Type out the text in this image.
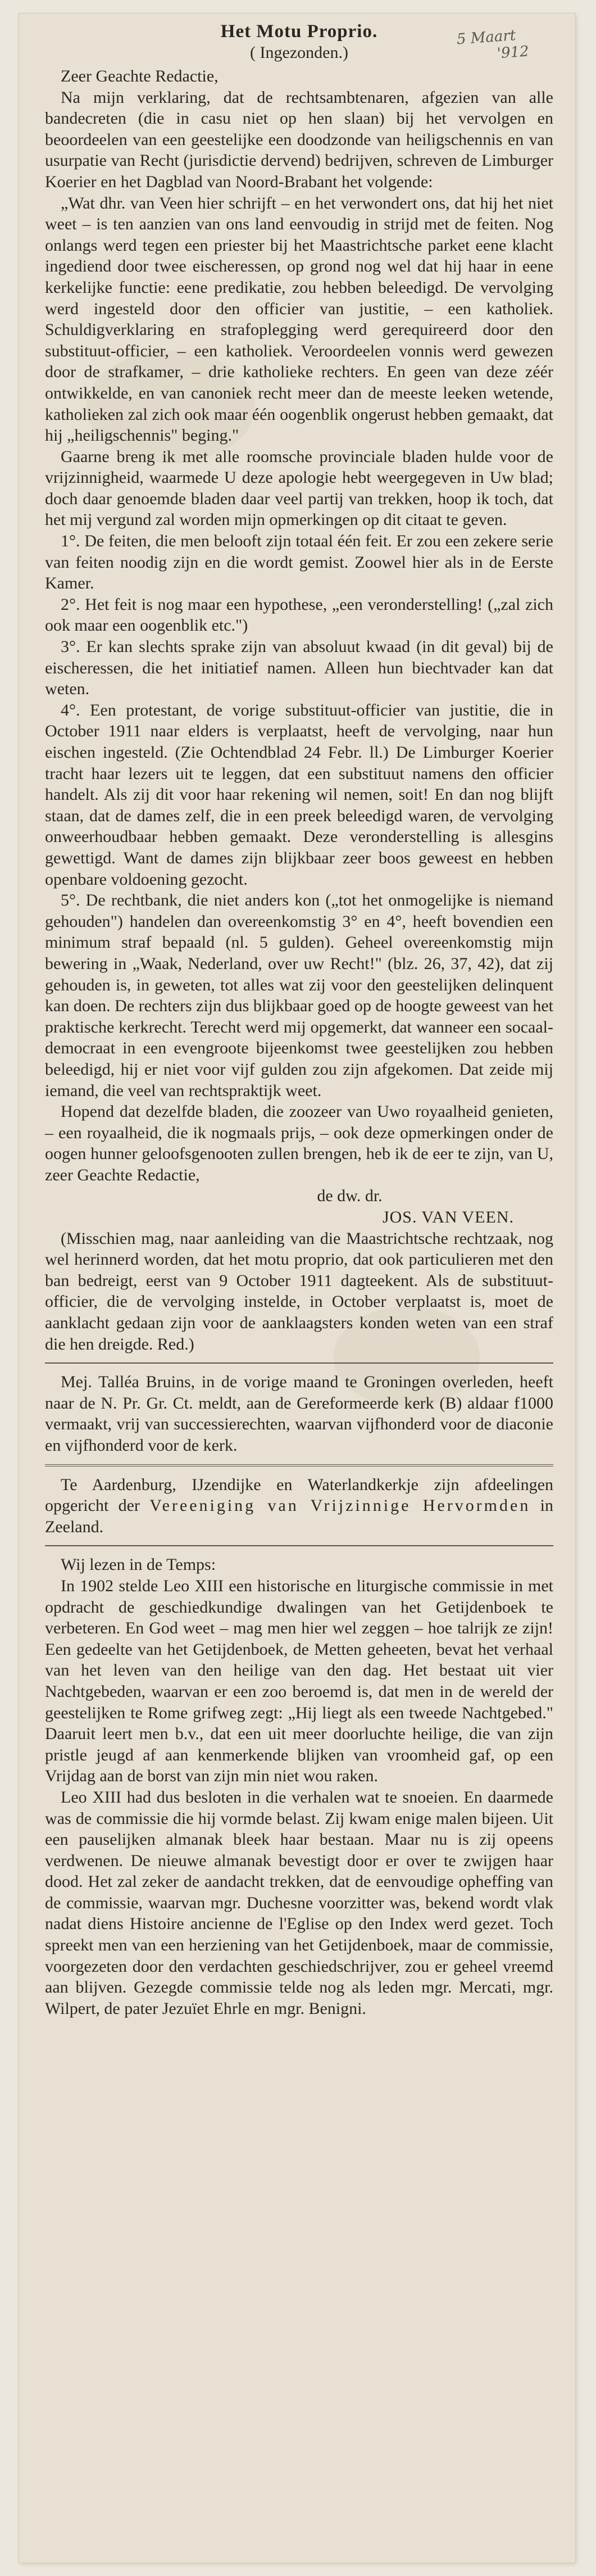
5 Maart
'912
Het Motu Proprio.
( Ingezonden.)
Zeer Geachte Redactie,
Na mijn verklaring, dat de rechtsambtenaren, afgezien van alle bandecreten (die in casu niet op hen slaan) bij het vervolgen en beoordeelen van een geestelijke een doodzonde van heiligschennis en van usurpatie van Recht (jurisdictie dervend) bedrijven, schreven de Limburger Koerier en het Dagblad van Noord-Brabant het volgende:
„Wat dhr. van Veen hier schrijft – en het verwondert ons, dat hij het niet weet – is ten aanzien van ons land eenvoudig in strijd met de feiten. Nog onlangs werd tegen een priester bij het Maastrichtsche parket eene klacht ingediend door twee eischeressen, op grond nog wel dat hij haar in eene kerkelijke functie: eene predikatie, zou hebben beleedigd. De vervolging werd ingesteld door den officier van justitie, – een katholiek. Schuldigverklaring en strafoplegging werd gerequireerd door den substituut-officier, – een katholiek. Veroordeelen vonnis werd gewezen door de strafkamer, – drie katholieke rechters. En geen van deze zéér ontwikkelde, en van canoniek recht meer dan de meeste leeken wetende, katholieken zal zich ook maar één oogenblik ongerust hebben gemaakt, dat hij „heiligschennis" beging."
Gaarne breng ik met alle roomsche provinciale bladen hulde voor de vrijzinnigheid, waarmede U deze apologie hebt weergegeven in Uw blad; doch daar genoemde bladen daar veel partij van trekken, hoop ik toch, dat het mij vergund zal worden mijn opmerkingen op dit citaat te geven.
1°. De feiten, die men belooft zijn totaal één feit. Er zou een zekere serie van feiten noodig zijn en die wordt gemist. Zoowel hier als in de Eerste Kamer.
2°. Het feit is nog maar een hypothese, „een veronderstelling! („zal zich ook maar een oogenblik etc.")
3°. Er kan slechts sprake zijn van absoluut kwaad (in dit geval) bij de eischeressen, die het initiatief namen. Alleen hun biechtvader kan dat weten.
4°. Een protestant, de vorige substituut-officier van justitie, die in October 1911 naar elders is verplaatst, heeft de vervolging, naar hun eischen ingesteld. (Zie Ochtendblad 24 Febr. ll.) De Limburger Koerier tracht haar lezers uit te leggen, dat een substituut namens den officier handelt. Als zij dit voor haar rekening wil nemen, soit! En dan nog blijft staan, dat de dames zelf, die in een preek beleedigd waren, de vervolging onweerhoudbaar hebben gemaakt. Deze veronderstelling is allesgins gewettigd. Want de dames zijn blijkbaar zeer boos geweest en hebben openbare voldoening gezocht.
5°. De rechtbank, die niet anders kon („tot het onmogelijke is niemand gehouden") handelen dan overeenkomstig 3° en 4°, heeft bovendien een minimum straf bepaald (nl. 5 gulden). Geheel overeenkomstig mijn bewering in „Waak, Nederland, over uw Recht!" (blz. 26, 37, 42), dat zij gehouden is, in geweten, tot alles wat zij voor den geestelijken delinquent kan doen. De rechters zijn dus blijkbaar goed op de hoogte geweest van het praktische kerkrecht. Terecht werd mij opgemerkt, dat wanneer een socaal-democraat in een evengroote bijeenkomst twee geestelijken zou hebben beleedigd, hij er niet voor vijf gulden zou zijn afgekomen. Dat zeide mij iemand, die veel van rechtspraktijk weet.
Hopend dat dezelfde bladen, die zoozeer van Uwo royaalheid genieten, – een royaalheid, die ik nogmaals prijs, – ook deze opmerkingen onder de oogen hunner geloofsgenooten zullen brengen, heb ik de eer te zijn, van U, zeer Geachte Redactie,
de dw. dr.
JOS. VAN VEEN.
(Misschien mag, naar aanleiding van die Maastrichtsche rechtzaak, nog wel herinnerd worden, dat het motu proprio, dat ook particulieren met den ban bedreigt, eerst van 9 October 1911 dagteekent. Als de substituut-officier, die de vervolging instelde, in October verplaatst is, moet de aanklacht gedaan zijn voor de aanklaagsters konden weten van een straf die hen dreigde. Red.)
Mej. Talléa Bruins, in de vorige maand te Groningen overleden, heeft naar de N. Pr. Gr. Ct. meldt, aan de Gereformeerde kerk (B) aldaar f1000 vermaakt, vrij van successierechten, waarvan vijfhonderd voor de diaconie en vijfhonderd voor de kerk.
Te Aardenburg, IJzendijke en Waterlandkerkje zijn afdeelingen opgericht der Vereeniging van Vrijzinnige Hervormden in Zeeland.
Wij lezen in de Temps:
In 1902 stelde Leo XIII een historische en liturgische commissie in met opdracht de geschiedkundige dwalingen van het Getijdenboek te verbeteren. En God weet – mag men hier wel zeggen – hoe talrijk ze zijn! Een gedeelte van het Getijdenboek, de Metten geheeten, bevat het verhaal van het leven van den heilige van den dag. Het bestaat uit vier Nachtgebeden, waarvan er een zoo beroemd is, dat men in de wereld der geestelijken te Rome grifweg zegt: „Hij liegt als een tweede Nachtgebed." Daaruit leert men b.v., dat een uit meer doorluchte heilige, die van zijn pristle jeugd af aan kenmerkende blijken van vroomheid gaf, op een Vrijdag aan de borst van zijn min niet wou raken.
Leo XIII had dus besloten in die verhalen wat te snoeien. En daarmede was de commissie die hij vormde belast. Zij kwam enige malen bijeen. Uit een pauselijken almanak bleek haar bestaan. Maar nu is zij opeens verdwenen. De nieuwe almanak bevestigt door er over te zwijgen haar dood. Het zal zeker de aandacht trekken, dat de eenvoudige opheffing van de commissie, waarvan mgr. Duchesne voorzitter was, bekend wordt vlak nadat diens Histoire ancienne de l'Eglise op den Index werd gezet. Toch spreekt men van een herziening van het Getijdenboek, maar de commissie, voorgezeten door den verdachten geschiedschrijver, zou er geheel vreemd aan blijven. Gezegde commissie telde nog als leden mgr. Mercati, mgr. Wilpert, de pater Jezuïet Ehrle en mgr. Benigni.
